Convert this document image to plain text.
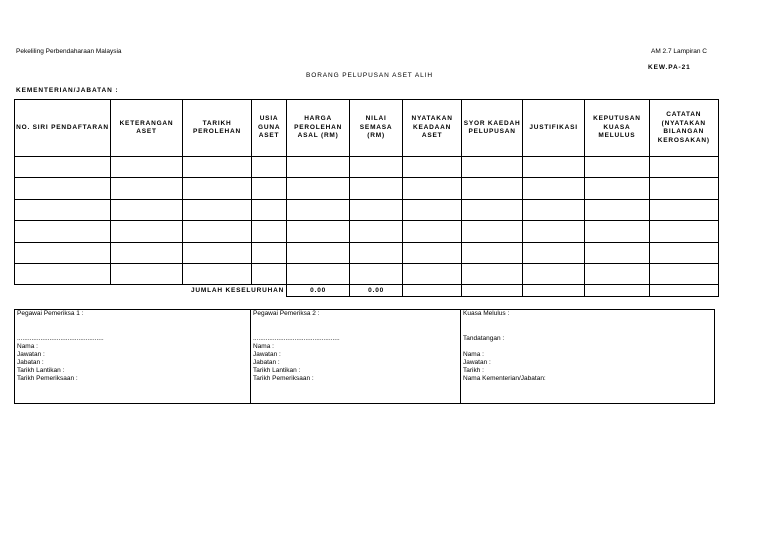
Pekeliling Perbendaharaan Malaysia	AM 2.7 Lampiran C
KEW.PA-21
BORANG PELUPUSAN ASET ALIH
KEMENTERIAN/JABATAN :
NO. SIRI PENDAFTARAN	KETERANGAN ASET	TARIKH PEROLEHAN	USIA GUNA ASET	HARGA PEROLEHAN ASAL (RM)	NILAI SEMASA (RM)	NYATAKAN KEADAAN ASET	SYOR KAEDAH PELUPUSAN	JUSTIFIKASI	KEPUTUSAN KUASA MELULUS	CATATAN (NYATAKAN BILANGAN KEROSAKAN)

JUMLAH KESELURUHAN				0.00	0.00					
Pegawai Pemeriksa 1 :
................................................
Nama :
Jawatan :
Jabatan :
Tarikh Lantikan :
Tarikh Pemeriksaan :

Pegawai Pemeriksa 2 :
................................................
Nama :
Jawatan :
Jabatan :
Tarikh Lantikan :
Tarikh Pemeriksaan :

Kuasa Melulus :
Tandatangan :
Nama :
Jawatan :
Tarikh :
Nama Kementerian/Jabatan:
